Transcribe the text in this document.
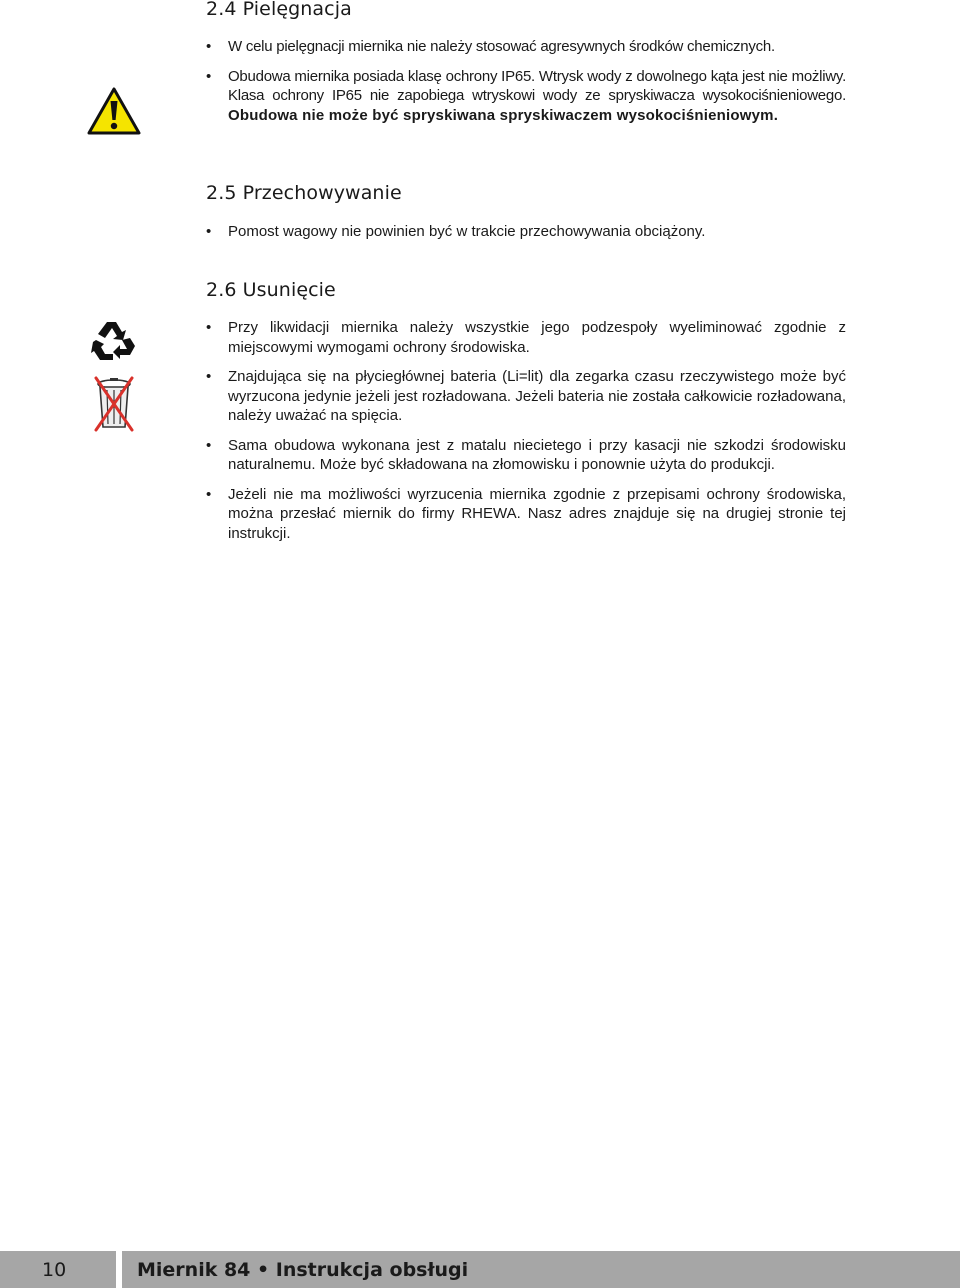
2.4 Pielęgnacja
• W celu pielęgnacji miernika nie należy stosować agresywnych środków chemicznych.
• Obudowa miernika posiada klasę ochrony IP65. Wtrysk wody z dowolnego kąta jest nie możliwy. Klasa ochrony IP65 nie zapobiega wtryskowi wody ze spryskiwacza wysokociśnieniowego. Obudowa nie może być spryskiwana spryskiwaczem wysokociśnieniowym.
2.5 Przechowywanie
• Pomost wagowy nie powinien być w trakcie przechowywania obciążony.
2.6 Usunięcie
• Przy likwidacji miernika należy wszystkie jego podzespoły wyeliminować zgodnie z miejscowymi wymogami ochrony środowiska.
• Znajdująca się na płyciegłównej bateria (Li=lit) dla zegarka czasu rzeczywistego może być wyrzucona jedynie jeżeli jest rozładowana. Jeżeli bateria nie została całkowicie rozładowana, należy uważać na spięcia.
• Sama obudowa wykonana jest z matalu niecietego i przy kasacji nie szkodzi środowisku naturalnemu. Może być składowana na złomowisku i ponownie użyta do produkcji.
• Jeżeli nie ma możliwości wyrzucenia miernika zgodnie z przepisami ochrony środowiska, można przesłać miernik do firmy RHEWA. Nasz adres znajduje się na drugiej stronie tej instrukcji.
10	Miernik 84 • Instrukcja obsługi
